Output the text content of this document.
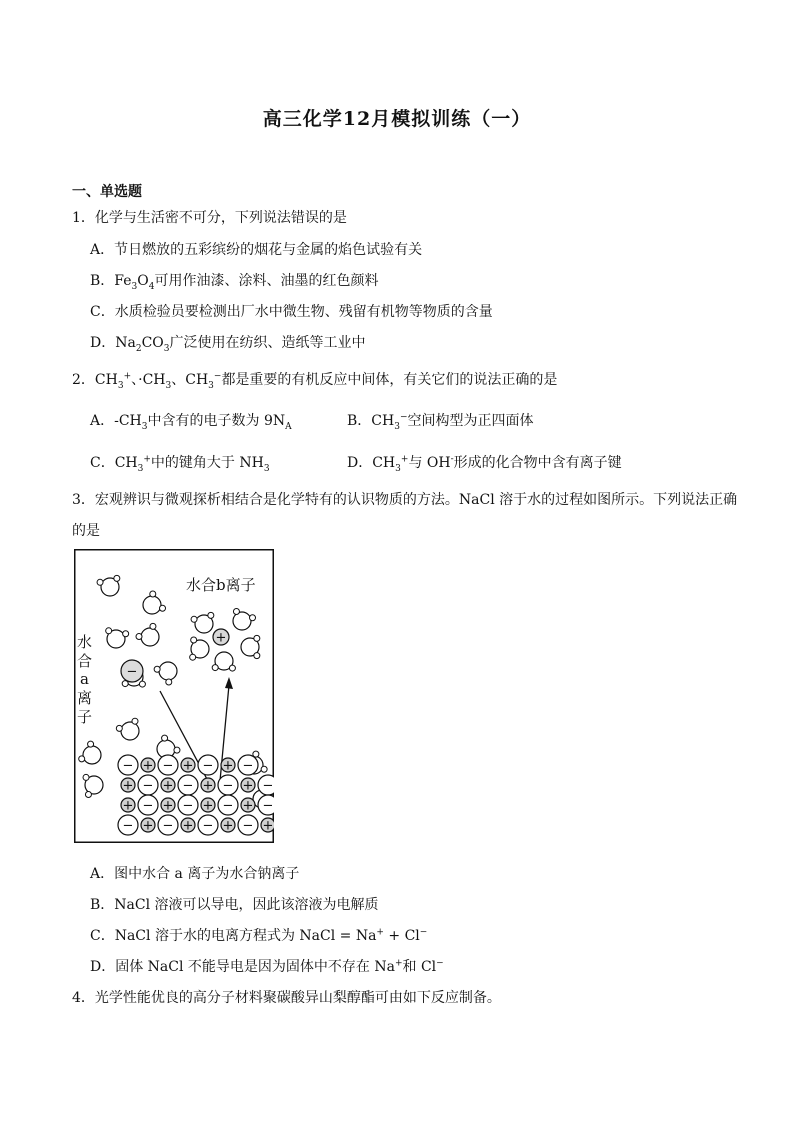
高三化学12月模拟训练（一）
一、单选题
1．化学与生活密不可分，下列说法错误的是
A．节日燃放的五彩缤纷的烟花与金属的焰色试验有关
B．$Fe_3O_4$可用作油漆、涂料、油墨的红色颜料
C．水质检验员要检测出厂水中微生物、残留有机物等物质的含量
D．$Na_2CO_3$广泛使用在纺织、造纸等工业中
2．$CH_3^+$、$\cdot CH_3$、$CH_3^-$都是重要的有机反应中间体，有关它们的说法正确的是
A．$-CH_3$中含有的电子数为 $9N_A$	B．$CH_3^-$空间构型为正四面体
C．$CH_3^+$中的键角大于 $NH_3$	D．$CH_3^+$与 OH-形成的化合物中含有离子键
3．宏观辨识与微观探析相结合是化学特有的认识物质的方法。NaCl 溶于水的过程如图所示。下列说法正确
的是
水合b离子
水
合
a
离
子
+
−
− + − + − + −
+ − + − + − + −
+ − + − + − + −
− + − + − + − +
A．图中水合 a 离子为水合钠离子
B．NaCl 溶液可以导电，因此该溶液为电解质
C．NaCl 溶于水的电离方程式为 NaCl = Na+ + Cl−
D．固体 NaCl 不能导电是因为固体中不存在 Na+和 Cl−
4．光学性能优良的高分子材料聚碳酸异山梨醇酯可由如下反应制备。
